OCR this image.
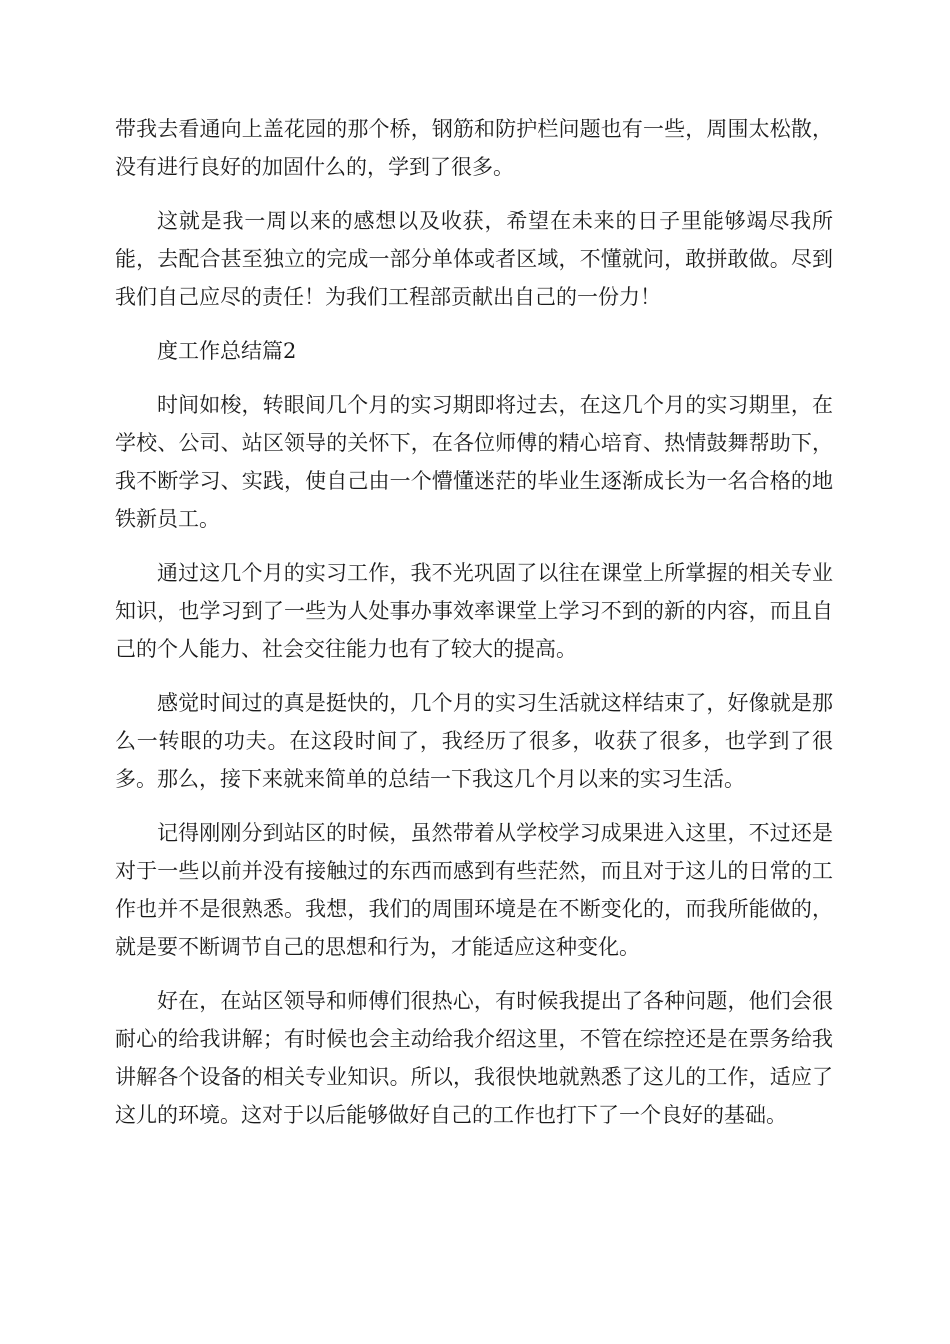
带我去看通向上盖花园的那个桥，钢筋和防护栏问题也有一些，周围太松散，没有进行良好的加固什么的，学到了很多。

这就是我一周以来的感想以及收获，希望在未来的日子里能够竭尽我所能，去配合甚至独立的完成一部分单体或者区域，不懂就问，敢拼敢做。尽到我们自己应尽的责任！为我们工程部贡献出自己的一份力！

度工作总结篇2

时间如梭，转眼间几个月的实习期即将过去，在这几个月的实习期里，在学校、公司、站区领导的关怀下，在各位师傅的精心培育、热情鼓舞帮助下，我不断学习、实践，使自己由一个懵懂迷茫的毕业生逐渐成长为一名合格的地铁新员工。

通过这几个月的实习工作，我不光巩固了以往在课堂上所掌握的相关专业知识，也学习到了一些为人处事办事效率课堂上学习不到的新的内容，而且自己的个人能力、社会交往能力也有了较大的提高。

感觉时间过的真是挺快的，几个月的实习生活就这样结束了，好像就是那么一转眼的功夫。在这段时间了，我经历了很多，收获了很多，也学到了很多。那么，接下来就来简单的总结一下我这几个月以来的实习生活。

记得刚刚分到站区的时候，虽然带着从学校学习成果进入这里，不过还是对于一些以前并没有接触过的东西而感到有些茫然，而且对于这儿的日常的工作也并不是很熟悉。我想，我们的周围环境是在不断变化的，而我所能做的，就是要不断调节自己的思想和行为，才能适应这种变化。

好在，在站区领导和师傅们很热心，有时候我提出了各种问题，他们会很耐心的给我讲解；有时候也会主动给我介绍这里，不管在综控还是在票务给我讲解各个设备的相关专业知识。所以，我很快地就熟悉了这儿的工作，适应了这儿的环境。这对于以后能够做好自己的工作也打下了一个良好的基础。
